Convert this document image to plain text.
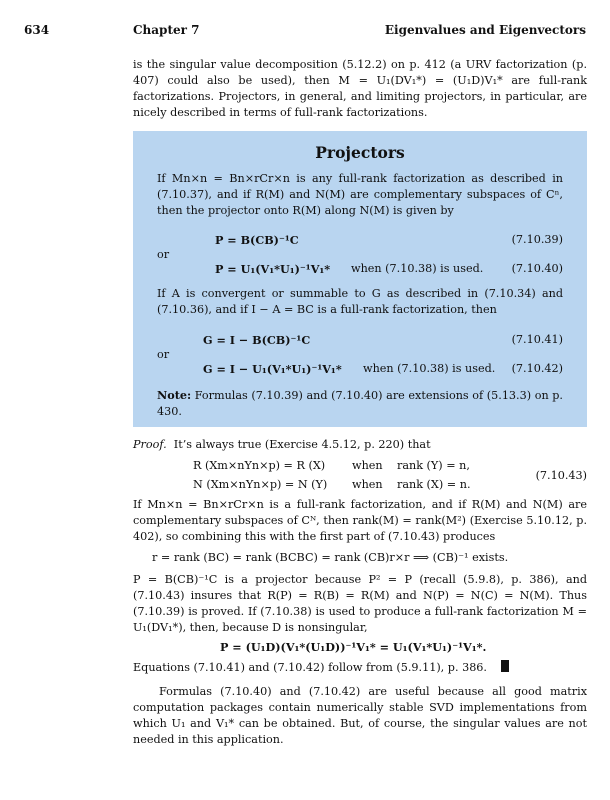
634	Chapter 7	Eigenvalues and Eigenvectors

is the singular value decomposition (5.12.2) on p. 412 (a URV factorization (p. 407) could also be used), then M = U₁(DV₁*) = (U₁D)V₁* are full-rank factorizations. Projectors, in general, and limiting projectors, in particular, are nicely described in terms of full-rank factorizations.

Projectors

If Mn×n = Bn×rCr×n is any full-rank factorization as described in (7.10.37), and if R(M) and N(M) are complementary subspaces of Cⁿ, then the projector onto R(M) along N(M) is given by

P = B(CB)⁻¹C	(7.10.39)
or
P = U₁(V₁*U₁)⁻¹V₁* when (7.10.38) is used.	(7.10.40)

If A is convergent or summable to G as described in (7.10.34) and (7.10.36), and if I − A = BC is a full-rank factorization, then

G = I − B(CB)⁻¹C	(7.10.41)
or
G = I − U₁(V₁*U₁)⁻¹V₁* when (7.10.38) is used. (7.10.42)

Note: Formulas (7.10.39) and (7.10.40) are extensions of (5.13.3) on p. 430.

Proof. It’s always true (Exercise 4.5.12, p. 220) that

R (Xm×nYn×p) = R (X) when rank (Y) = n,
N (Xm×nYn×p) = N (Y) when rank (X) = n.
(7.10.43)

If Mn×n = Bn×rCr×n is a full-rank factorization, and if R(M) and N(M) are complementary subspaces of Cᴺ, then rank(M) = rank(M²) (Exercise 5.10.12, p. 402), so combining this with the first part of (7.10.43) produces

r = rank (BC) = rank (BCBC) = rank (CB)r×r ⟹ (CB)⁻¹ exists.

P = B(CB)⁻¹C is a projector because P² = P (recall (5.9.8), p. 386), and (7.10.43) insures that R(P) = R(B) = R(M) and N(P) = N(C) = N(M). Thus (7.10.39) is proved. If (7.10.38) is used to produce a full-rank factorization M = U₁(DV₁*), then, because D is nonsingular,

P = (U₁D)(V₁*(U₁D))⁻¹V₁* = U₁(V₁*U₁)⁻¹V₁*.

Equations (7.10.41) and (7.10.42) follow from (5.9.11), p. 386.

Formulas (7.10.40) and (7.10.42) are useful because all good matrix computation packages contain numerically stable SVD implementations from which U₁ and V₁* can be obtained. But, of course, the singular values are not needed in this application.
